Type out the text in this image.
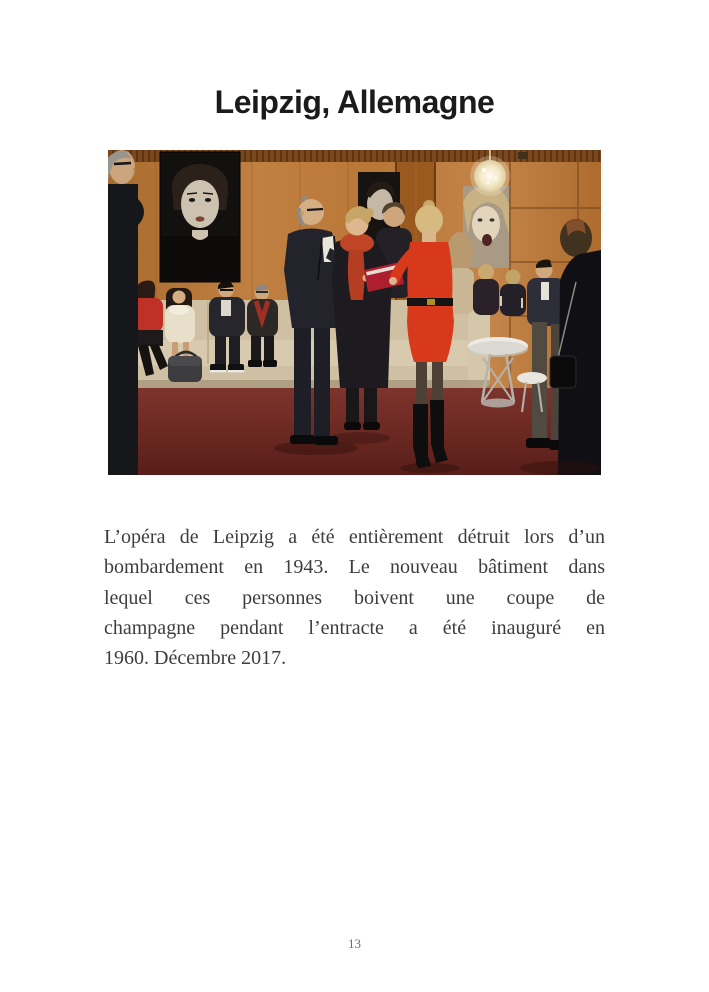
Leipzig, Allemagne
L’opéra de Leipzig a été entièrement détruit lors d’un
bombardement en 1943. Le nouveau bâtiment dans
lequel ces personnes boivent une coupe de
champagne pendant l’entracte a été inauguré en
1960. Décembre 2017.
13
